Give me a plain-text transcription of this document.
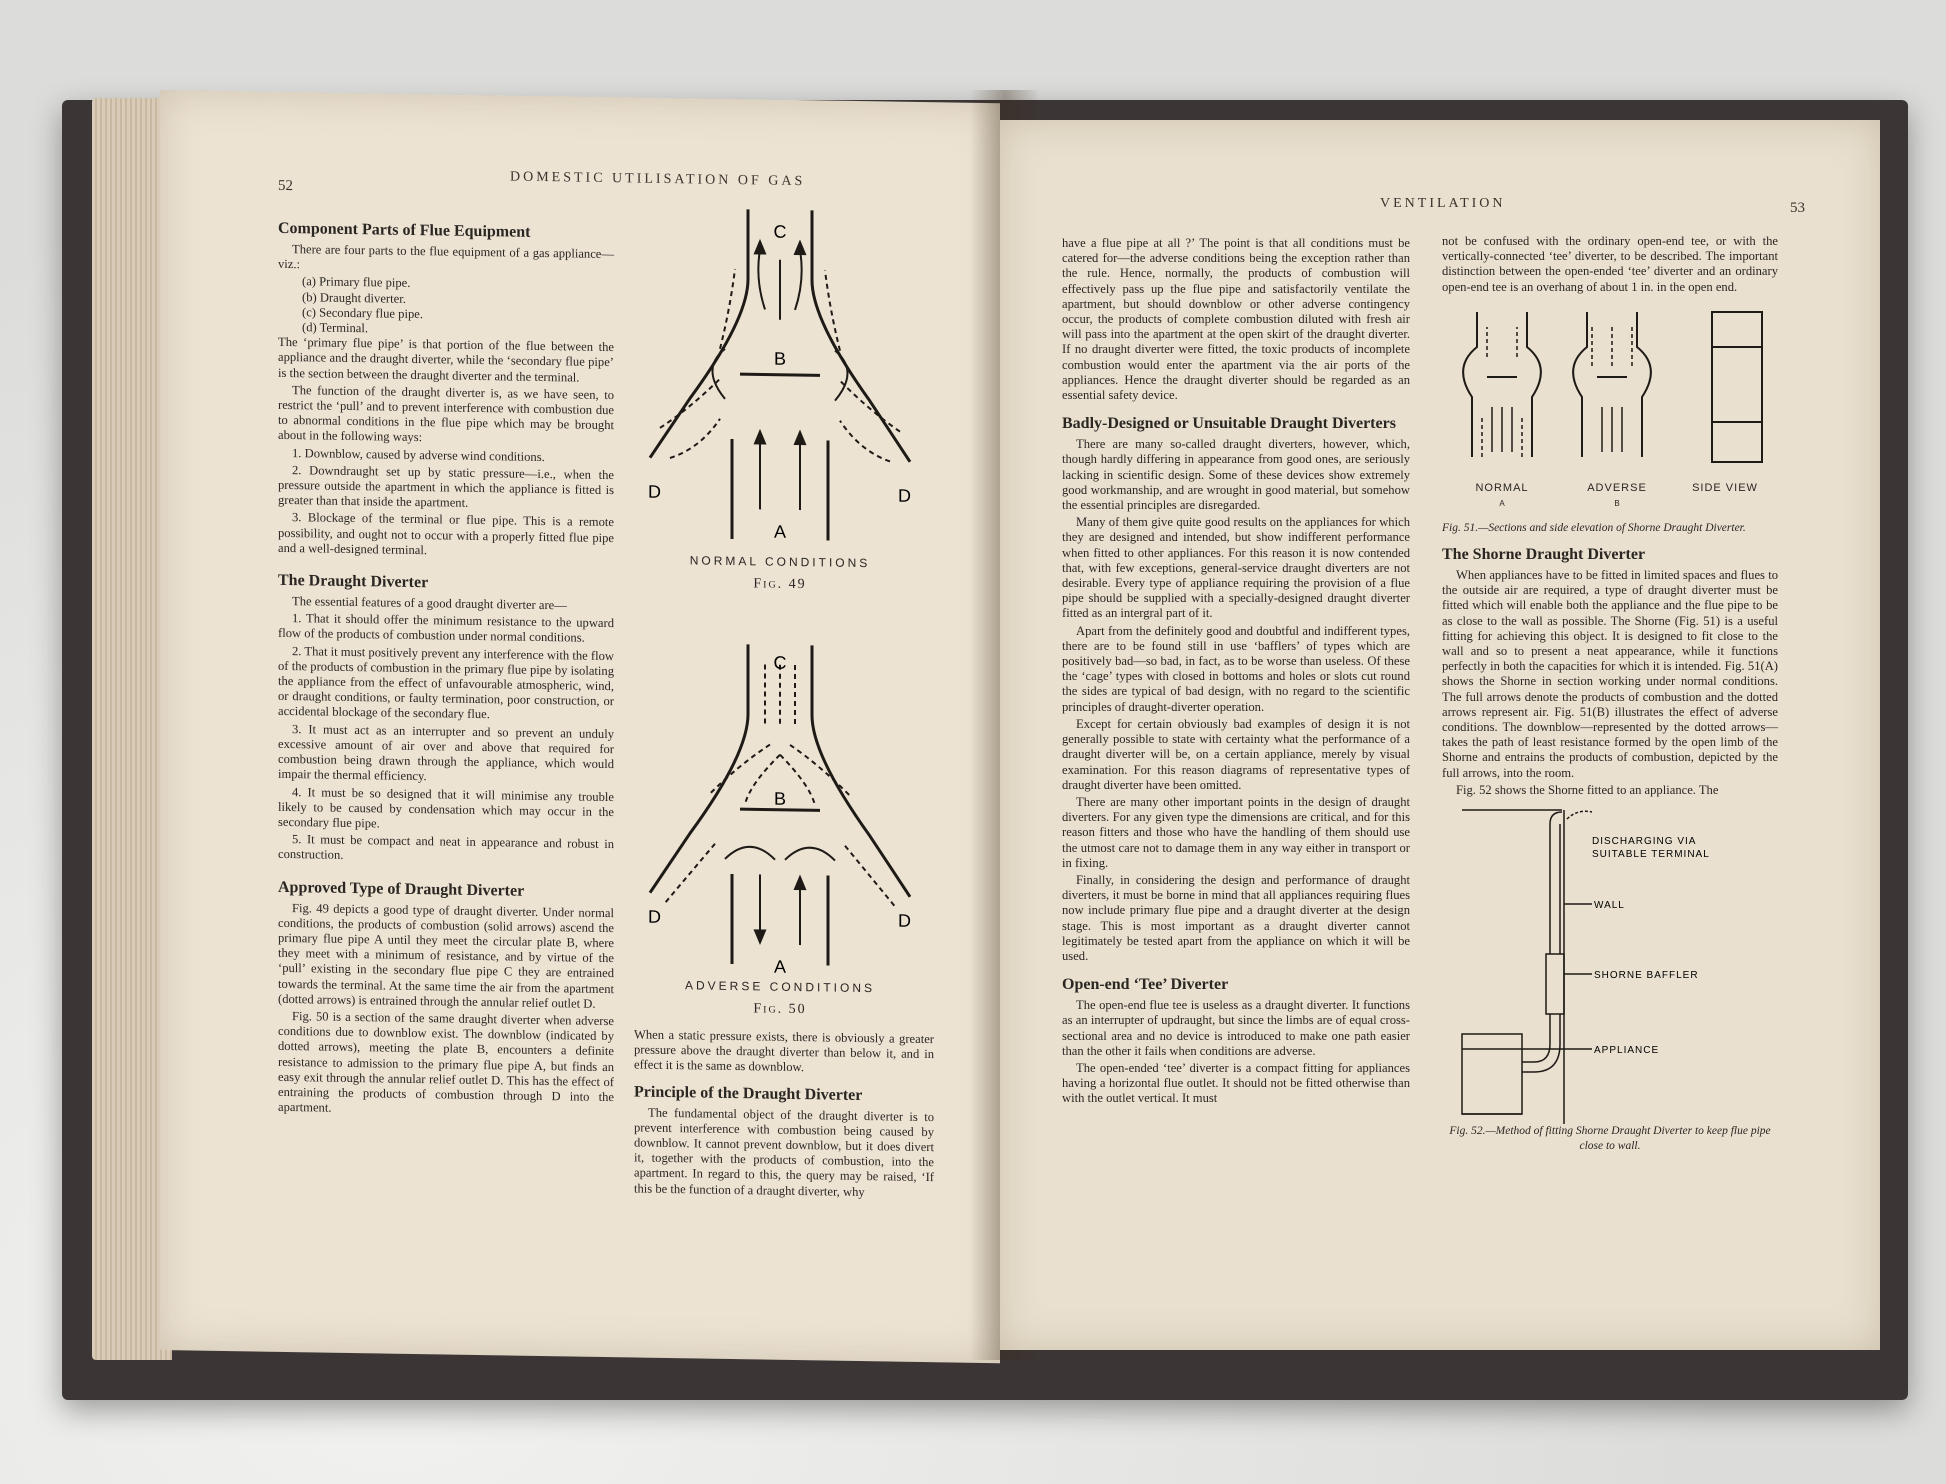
52	DOMESTIC UTILISATION OF GAS
Component Parts of Flue Equipment

There are four parts to the flue equipment of a gas appliance—viz.:

(a) Primary flue pipe.

(b) Draught diverter.

(c) Secondary flue pipe.

(d) Terminal.

The ‘primary flue pipe’ is that portion of the flue between the appliance and the draught diverter, while the ‘secondary flue pipe’ is the section between the draught diverter and the terminal.

The function of the draught diverter is, as we have seen, to restrict the ‘pull’ and to prevent interference with combustion due to abnormal conditions in the flue pipe which may be brought about in the following ways:

1. Downblow, caused by adverse wind conditions.

2. Downdraught set up by static pressure—i.e., when the pressure outside the apartment in which the appliance is fitted is greater than that inside the apartment.

3. Blockage of the terminal or flue pipe. This is a remote possibility, and ought not to occur with a properly fitted flue pipe and a well-designed terminal.

The Draught Diverter

The essential features of a good draught diverter are—

1. That it should offer the minimum resistance to the upward flow of the products of combustion under normal conditions.

2. That it must positively prevent any interference with the flow of the products of combustion in the primary flue pipe by isolating the appliance from the effect of unfavourable atmospheric, wind, or draught conditions, or faulty termination, poor construction, or accidental blockage of the secondary flue.

3. It must act as an interrupter and so prevent an unduly excessive amount of air over and above that required for combustion being drawn through the appliance, which would impair the thermal efficiency.

4. It must be so designed that it will minimise any trouble likely to be caused by condensation which may occur in the secondary flue pipe.

5. It must be compact and neat in appearance and robust in construction.

Approved Type of Draught Diverter

Fig. 49 depicts a good type of draught diverter. Under normal conditions, the products of combustion (solid arrows) ascend the primary flue pipe A until they meet the circular plate B, where they meet with a minimum of resistance, and by virtue of the ‘pull’ existing in the secondary flue pipe C they are entrained towards the terminal. At the same time the air from the apartment (dotted arrows) is entrained through the annular relief outlet D.

Fig. 50 is a section of the same draught diverter when adverse conditions due to downblow exist. The downblow (indicated by dotted arrows), meeting the plate B, encounters a definite resistance to admission to the primary flue pipe A, but finds an easy exit through the annular relief outlet D. This has the effect of entraining the products of combustion through D into the apartment.

C
B
A
D	D
NORMAL CONDITIONS
Fig. 49
C
B
A
D	D
ADVERSE CONDITIONS
Fig. 50

When a static pressure exists, there is obviously a greater pressure above the draught diverter than below it, and in effect it is the same as downblow.

Principle of the Draught Diverter

The fundamental object of the draught diverter is to prevent interference with combustion being caused by downblow. It cannot prevent downblow, but it does divert it, together with the products of combustion, into the apartment. In regard to this, the query may be raised, ‘If this be the function of a draught diverter, why

VENTILATION	53

have a flue pipe at all ?’ The point is that all conditions must be catered for—the adverse conditions being the exception rather than the rule. Hence, normally, the products of combustion will effectively pass up the flue pipe and satisfactorily ventilate the apartment, but should downblow or other adverse contingency occur, the products of complete combustion diluted with fresh air will pass into the apartment at the open skirt of the draught diverter. If no draught diverter were fitted, the toxic products of incomplete combustion would enter the apartment via the air ports of the appliances. Hence the draught diverter should be regarded as an essential safety device.

Badly-Designed or Unsuitable Draught Diverters

There are many so-called draught diverters, however, which, though hardly differing in appearance from good ones, are seriously lacking in scientific design. Some of these devices show extremely good workmanship, and are wrought in good material, but somehow the essential principles are disregarded.

Many of them give quite good results on the appliances for which they are designed and intended, but show indifferent performance when fitted to other appliances. For this reason it is now contended that, with few exceptions, general-service draught diverters are not desirable. Every type of appliance requiring the provision of a flue pipe should be supplied with a specially-designed draught diverter fitted as an intergral part of it.

Apart from the definitely good and doubtful and indifferent types, there are to be found still in use ‘bafflers’ of types which are positively bad—so bad, in fact, as to be worse than useless. Of these the ‘cage’ types with closed in bottoms and holes or slots cut round the sides are typical of bad design, with no regard to the scientific principles of draught-diverter operation.

Except for certain obviously bad examples of design it is not generally possible to state with certainty what the performance of a draught diverter will be, on a certain appliance, merely by visual examination. For this reason diagrams of representative types of draught diverter have been omitted.

There are many other important points in the design of draught diverters. For any given type the dimensions are critical, and for this reason fitters and those who have the handling of them should use the utmost care not to damage them in any way either in transport or in fixing.

Finally, in considering the design and performance of draught diverters, it must be borne in mind that all appliances requiring flues now include primary flue pipe and a draught diverter at the design stage. This is most important as a draught diverter cannot legitimately be tested apart from the appliance on which it will be used.

Open-end ‘Tee’ Diverter

The open-end flue tee is useless as a draught diverter. It functions as an interrupter of updraught, but since the limbs are of equal cross-sectional area and no device is introduced to make one path easier than the other it fails when conditions are adverse.

The open-ended ‘tee’ diverter is a compact fitting for appliances having a horizontal flue outlet. It should not be fitted otherwise than with the outlet vertical. It must

not be confused with the ordinary open-end tee, or with the vertically-connected ‘tee’ diverter, to be described. The important distinction between the open-ended ‘tee’ diverter and an ordinary open-end tee is an overhang of about 1 in. in the open end.

NORMAL	ADVERSE	SIDE VIEW
A	B

Fig. 51.—Sections and side elevation of Shorne Draught Diverter.

The Shorne Draught Diverter

When appliances have to be fitted in limited spaces and flues to the outside air are required, a type of draught diverter must be fitted which will enable both the appliance and the flue pipe to be as close to the wall as possible. The Shorne (Fig. 51) is a useful fitting for achieving this object. It is designed to fit close to the wall and so to present a neat appearance, while it functions perfectly in both the capacities for which it is intended. Fig. 51(A) shows the Shorne in section working under normal conditions. The full arrows denote the products of combustion and the dotted arrows represent air. Fig. 51(B) illustrates the effect of adverse conditions. The downblow—represented by the dotted arrows—takes the path of least resistance formed by the open limb of the Shorne and entrains the products of combustion, depicted by the full arrows, into the room.

Fig. 52 shows the Shorne fitted to an appliance. The

DISCHARGING VIA
SUITABLE TERMINAL
WALL
SHORNE BAFFLER
APPLIANCE

Fig. 52.—Method of fitting Shorne Draught Diverter to keep flue pipe close to wall.
